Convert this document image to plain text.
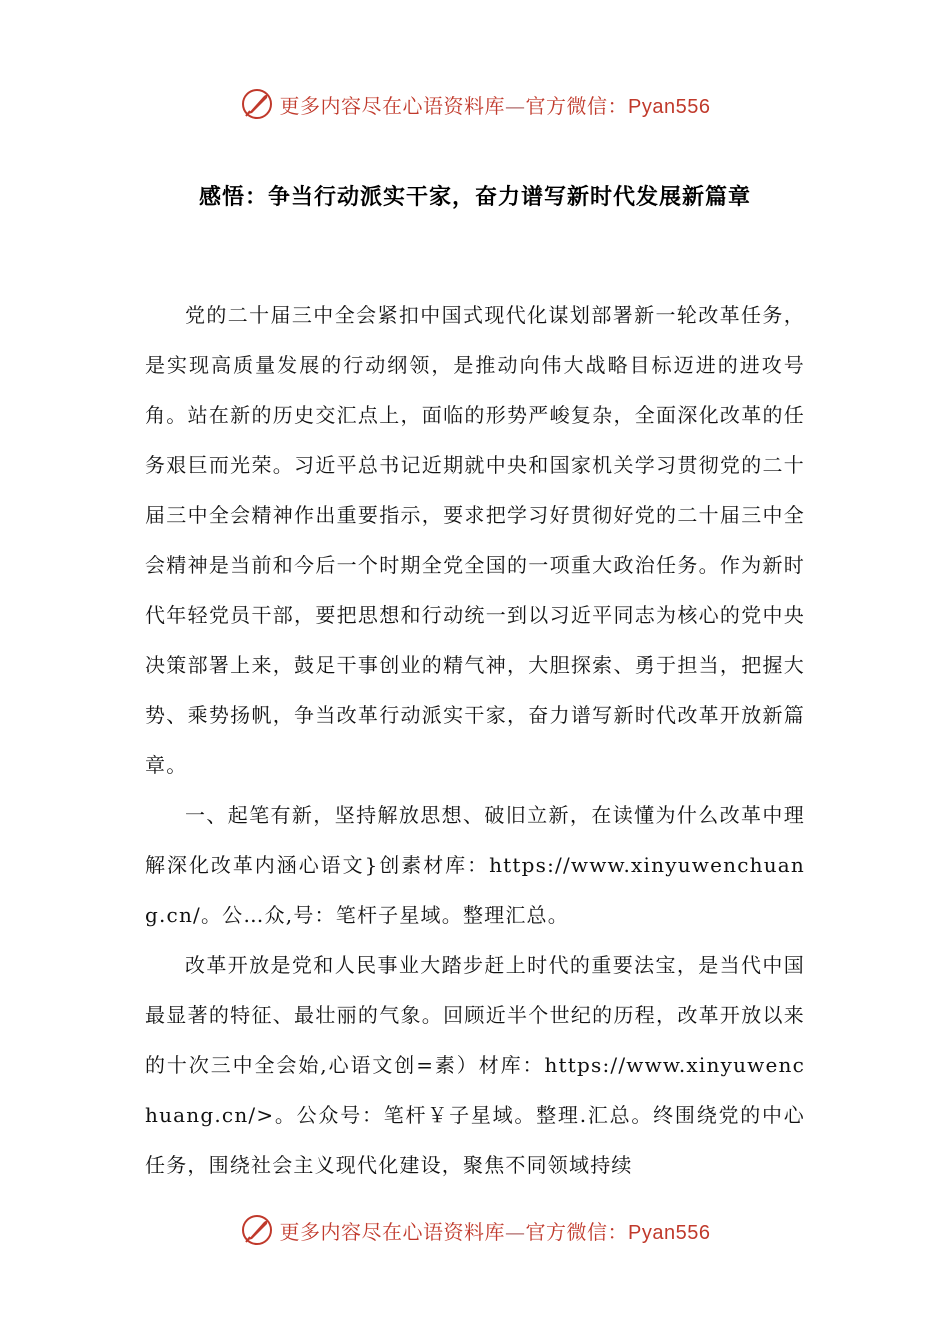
更多内容尽在心语资料库—官方微信：Pyan556
感悟：争当行动派实干家，奋力谱写新时代发展新篇章

党的二十届三中全会紧扣中国式现代化谋划部署新一轮改革任务，是实现高质量发展的行动纲领，是推动向伟大战略目标迈进的进攻号角。站在新的历史交汇点上，面临的形势严峻复杂，全面深化改革的任务艰巨而光荣。习近平总书记近期就中央和国家机关学习贯彻党的二十届三中全会精神作出重要指示，要求把学习好贯彻好党的二十届三中全会精神是当前和今后一个时期全党全国的一项重大政治任务。作为新时代年轻党员干部，要把思想和行动统一到以习近平同志为核心的党中央决策部署上来，鼓足干事创业的精气神，大胆探索、勇于担当，把握大势、乘势扬帆，争当改革行动派实干家，奋力谱写新时代改革开放新篇章。

一、起笔有新，坚持解放思想、破旧立新，在读懂为什么改革中理解深化改革内涵心语文}创素材库：https://www.xinyuwenchuang.cn/。公…众,号：笔杆子星域。整理汇总。

改革开放是党和人民事业大踏步赶上时代的重要法宝，是当代中国最显著的特征、最壮丽的气象。回顾近半个世纪的历程，改革开放以来的十次三中全会始,心语文创=素）材库：https://www.xinyuwenchuang.cn/>。公众号：笔杆￥子星域。整理.汇总。终围绕党的中心任务，围绕社会主义现代化建设，聚焦不同领域持续

更多内容尽在心语资料库—官方微信：Pyan556
